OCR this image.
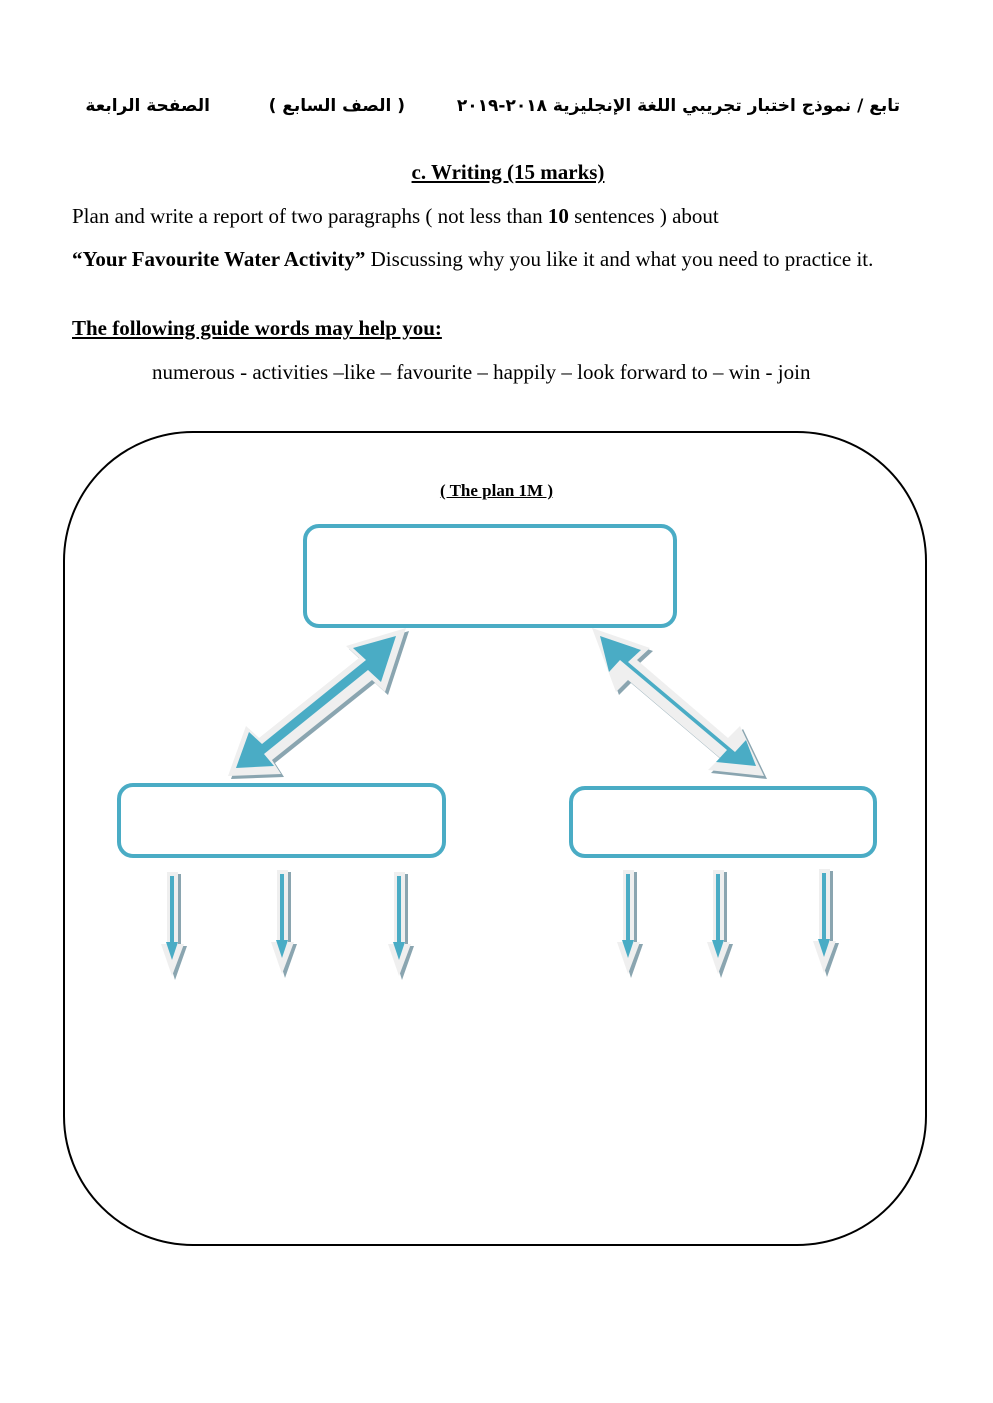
تابع / نموذج اختبار تجريبي اللغة الإنجليزية ٢٠١٨-٢٠١٩
( الصف السابع )
الصفحة الرابعة
c. Writing (15 marks)
Plan and write a report of two paragraphs ( not less than 10 sentences ) about
“Your Favourite Water Activity” Discussing why you like it and what you need to practice it.
The following guide words may help you:
numerous - activities –like – favourite – happily – look forward to – win - join
( The plan 1M )
